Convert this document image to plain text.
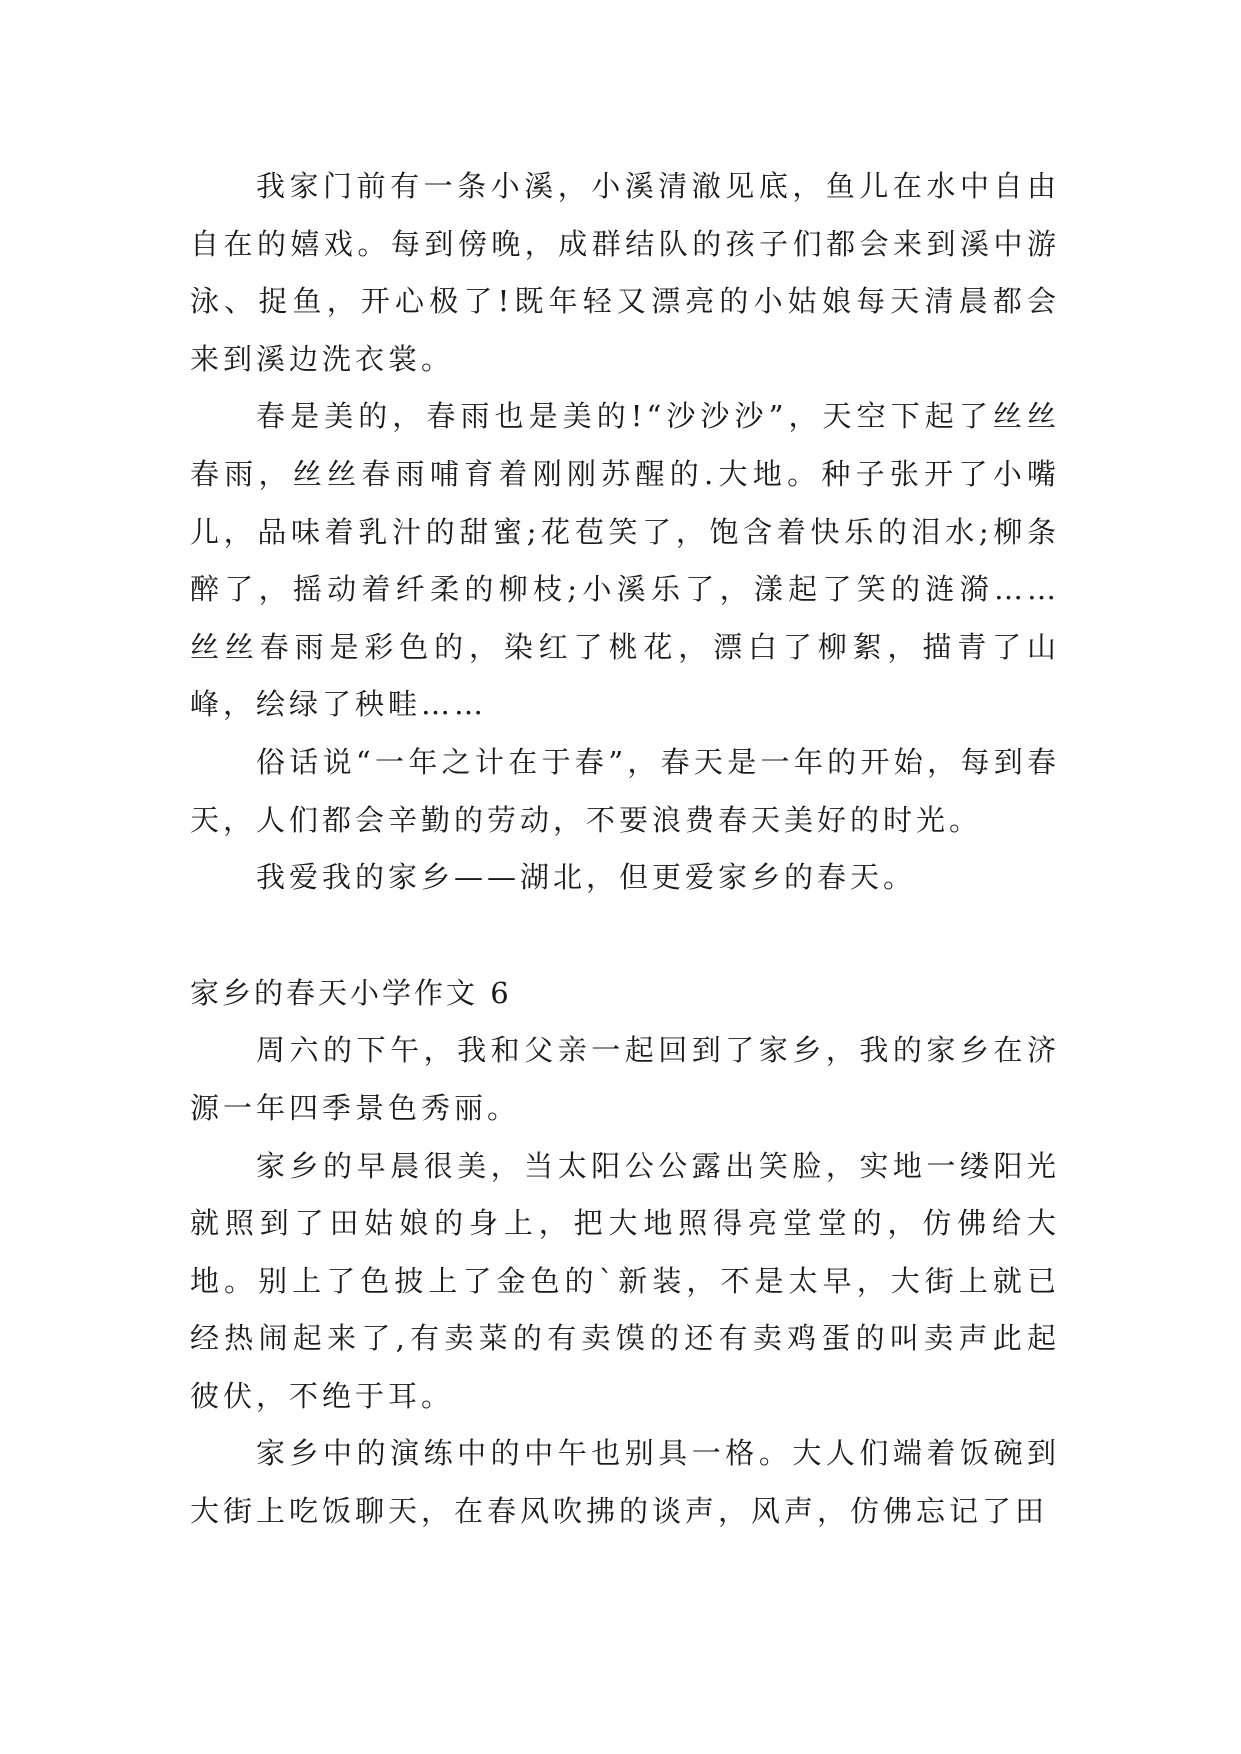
我家门前有一条小溪，小溪清澈见底，鱼儿在水中自由自在的嬉戏。每到傍晚，成群结队的孩子们都会来到溪中游泳、捉鱼，开心极了!既年轻又漂亮的小姑娘每天清晨都会来到溪边洗衣裳。

春是美的，春雨也是美的!“沙沙沙”，天空下起了丝丝春雨，丝丝春雨哺育着刚刚苏醒的.大地。种子张开了小嘴儿，品味着乳汁的甜蜜;花苞笑了，饱含着快乐的泪水;柳条醉了，摇动着纤柔的柳枝;小溪乐了，漾起了笑的涟漪……丝丝春雨是彩色的，染红了桃花，漂白了柳絮，描青了山峰，绘绿了秧畦……

俗话说“一年之计在于春”，春天是一年的开始，每到春天，人们都会辛勤的劳动，不要浪费春天美好的时光。

我爱我的家乡——湖北，但更爱家乡的春天。

家乡的春天小学作文 6

周六的下午，我和父亲一起回到了家乡，我的家乡在济源一年四季景色秀丽。

家乡的早晨很美，当太阳公公露出笑脸，实地一缕阳光就照到了田姑娘的身上，把大地照得亮堂堂的，仿佛给大地。别上了色披上了金色的`新装，不是太早，大街上就已经热闹起来了,有卖菜的有卖馍的还有卖鸡蛋的叫卖声此起彼伏，不绝于耳。

家乡中的演练中的中午也别具一格。大人们端着饭碗到大街上吃饭聊天，在春风吹拂的谈声，风声，仿佛忘记了田
